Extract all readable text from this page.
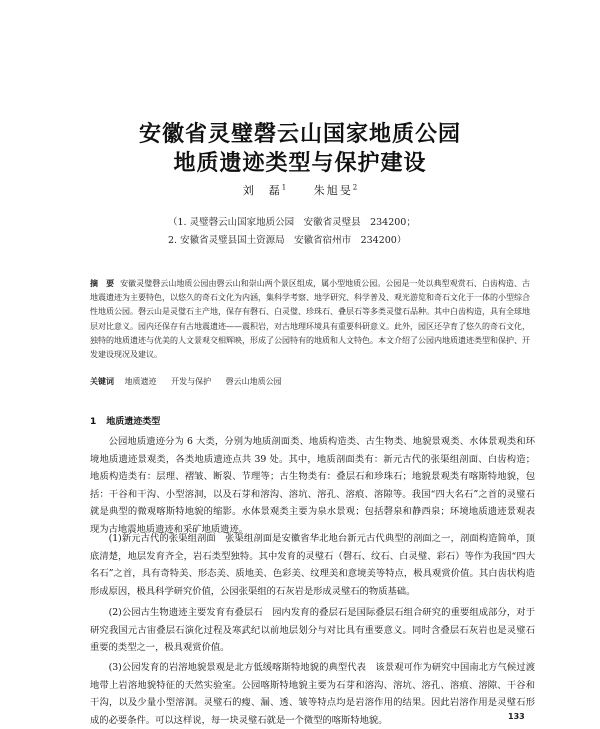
安徽省灵璧磬云山国家地质公园
地质遗迹类型与保护建设
刘　磊$^1$ 朱旭旻$^2$
（1. 灵璧磬云山国家地质公园　安徽省灵璧县　234200；
2. 安徽省灵璧县国土资源局　安徽省宿州市　234200）
摘　要 安徽灵璧磬云山地质公园由磬云山和崇山两个景区组成，属小型地质公园。公园是一处以典型观赏石、白齿构造、古地震遗迹为主要特色，以悠久的奇石文化为内涵，集科学考察、地学研究、科学普及、观光游览和奇石文化于一体的小型综合性地质公园。磬云山是灵璧石主产地，保存有磬石、白灵璧、珍珠石、叠层石等多类灵璧石品种。其中白齿构造，具有全球地层对比意义。园内还保存有古地震遗迹——震积岩，对古地理环境具有重要科研意义。此外，园区还孕育了悠久的奇石文化，独特的地质遗迹与优美的人文景观交相辉映，形成了公园特有的地质和人文特色。本文介绍了公园内地质遗迹类型和保护、开发建设现况及建议。
关键词 地质遗迹 开发与保护 磬云山地质公园
1 地质遗迹类型

公园地质遗迹分为 6 大类，分别为地质剖面类、地质构造类、古生物类、地貌景观类、水体景观类和环境地质遗迹景观类，各类地质遗迹点共 39 处。其中，地质剖面类有：新元古代的张渠组剖面、白齿构造；地质构造类有：层理、褶皱、断裂、节理等；古生物类有：叠层石和珍珠石；地貌景观类有喀斯特地貌，包括：干谷和干沟、小型溶洞，以及石芽和溶沟、溶坑、溶孔、溶痕、溶隙等。我国“四大名石”之首的灵璧石就是典型的微观喀斯特地貌的缩影。水体景观类主要为泉水景观；包括磬泉和静西泉；环境地质遗迹景观表现为古地震地质遗迹和采矿地质遗迹。

(1)新元古代的张渠组剖面　张渠组剖面是安徽省华北地台新元古代典型的剖面之一，剖面构造简单，顶底清楚，地层发育齐全，岩石类型独特。其中发育的灵璧石（磬石、纹石、白灵璧、彩石）等作为我国“四大名石”之首，具有奇特美、形态美、质地美、色彩美、纹理美和意境美等特点，极具观赏价值。其白齿状构造形成原因，极具科学研究价值，公园张渠组的石灰岩是形成灵璧石的物质基础。

(2)公园古生物遗迹主要发育有叠层石　园内发育的叠层石是国际叠层石组合研究的重要组成部分，对于研究我国元古宙叠层石演化过程及寒武纪以前地层划分与对比具有重要意义。同时含叠层石灰岩也是灵璧石重要的类型之一，极具观赏价值。

(3)公园发育的岩溶地貌景观是北方低缓喀斯特地貌的典型代表　该景观可作为研究中国南北方气候过渡地带上岩溶地貌特征的天然实验室。公园喀斯特地貌主要为石芽和溶沟、溶坑、溶孔、溶痕、溶隙、干谷和干沟，以及少量小型溶洞。灵璧石的瘦、漏、透、皱等特点均是岩溶作用的结果。因此岩溶作用是灵璧石形成的必要条件。可以这样说，每一块灵璧石就是一个微型的喀斯特地貌。	133
